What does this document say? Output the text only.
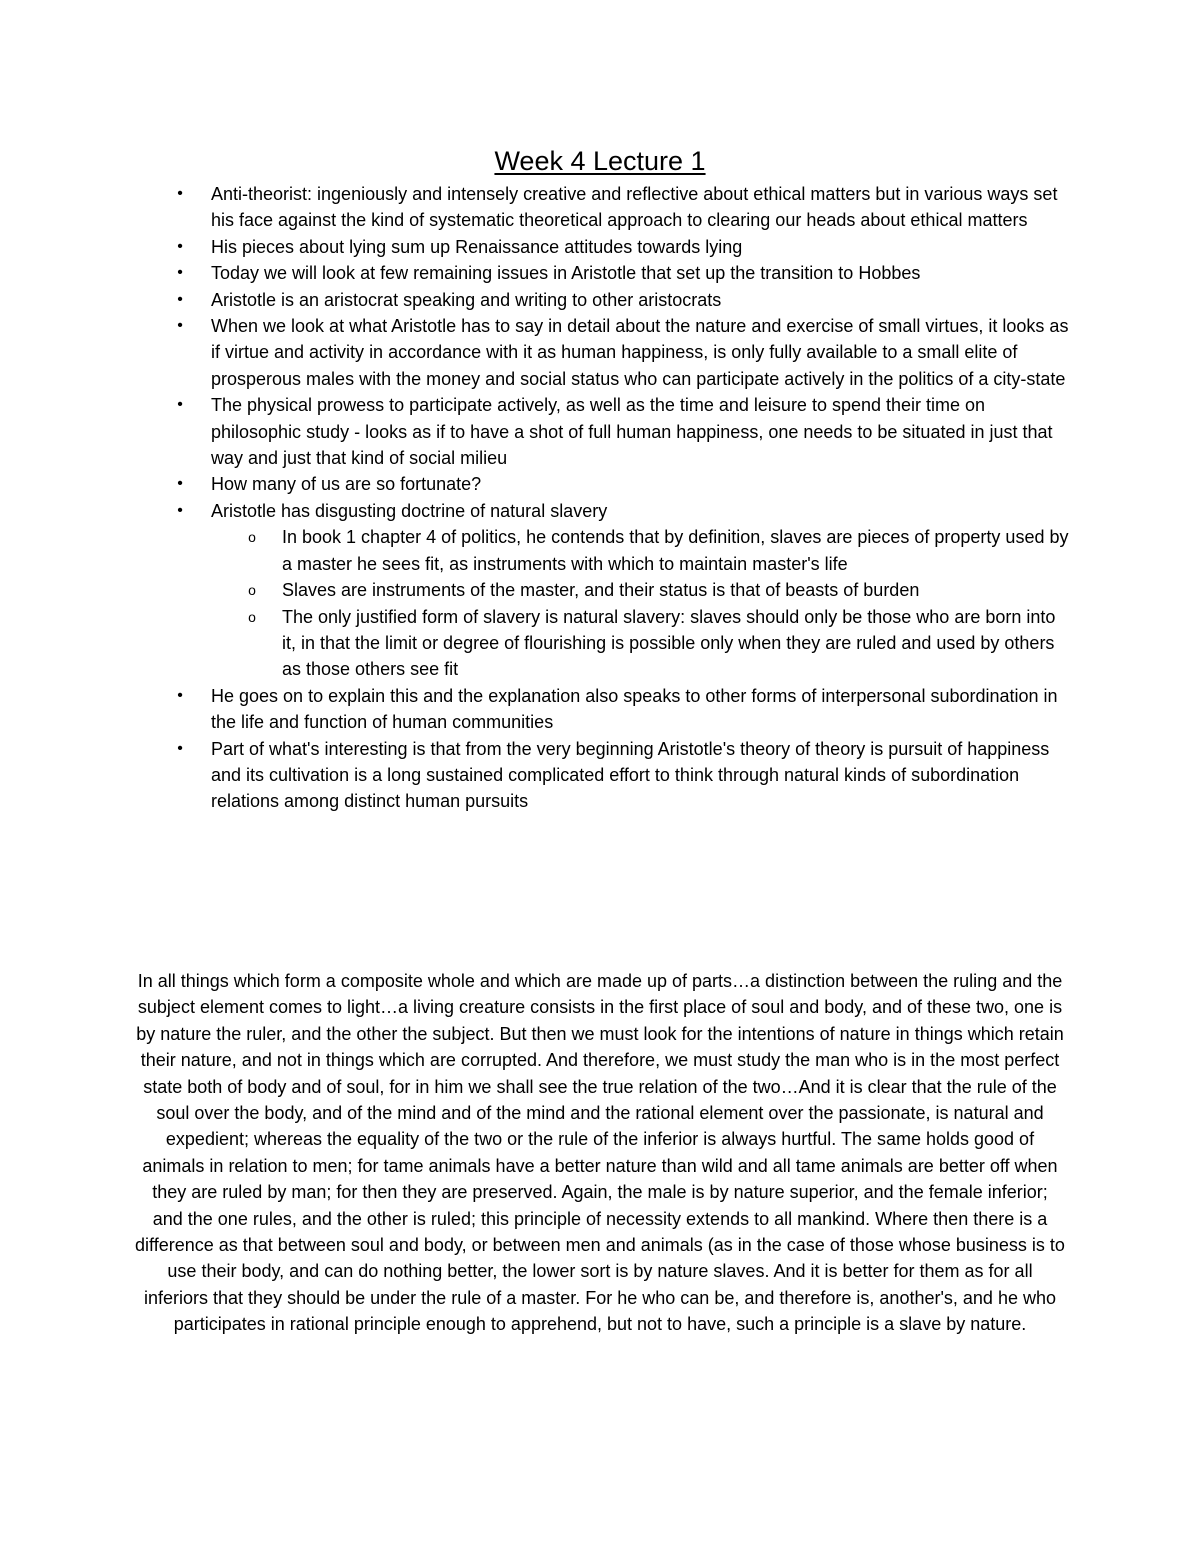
Week 4 Lecture 1
• Anti-theorist: ingeniously and intensely creative and reflective about ethical matters but in various ways set his face against the kind of systematic theoretical approach to clearing our heads about ethical matters
• His pieces about lying sum up Renaissance attitudes towards lying
• Today we will look at few remaining issues in Aristotle that set up the transition to Hobbes
• Aristotle is an aristocrat speaking and writing to other aristocrats
• When we look at what Aristotle has to say in detail about the nature and exercise of small virtues, it looks as if virtue and activity in accordance with it as human happiness, is only fully available to a small elite of prosperous males with the money and social status who can participate actively in the politics of a city-state
• The physical prowess to participate actively, as well as the time and leisure to spend their time on philosophic study - looks as if to have a shot of full human happiness, one needs to be situated in just that way and just that kind of social milieu
• How many of us are so fortunate?
• Aristotle has disgusting doctrine of natural slavery
o In book 1 chapter 4 of politics, he contends that by definition, slaves are pieces of property used by a master he sees fit, as instruments with which to maintain master's life
o Slaves are instruments of the master, and their status is that of beasts of burden
o The only justified form of slavery is natural slavery: slaves should only be those who are born into it, in that the limit or degree of flourishing is possible only when they are ruled and used by others as those others see fit
• He goes on to explain this and the explanation also speaks to other forms of interpersonal subordination in the life and function of human communities
• Part of what's interesting is that from the very beginning Aristotle's theory of theory is pursuit of happiness and its cultivation is a long sustained complicated effort to think through natural kinds of subordination relations among distinct human pursuits

In all things which form a composite whole and which are made up of parts…a distinction between the ruling and the subject element comes to light…a living creature consists in the first place of soul and body, and of these two, one is by nature the ruler, and the other the subject. But then we must look for the intentions of nature in things which retain their nature, and not in things which are corrupted. And therefore, we must study the man who is in the most perfect state both of body and of soul, for in him we shall see the true relation of the two…And it is clear that the rule of the soul over the body, and of the mind and of the mind and the rational element over the passionate, is natural and expedient; whereas the equality of the two or the rule of the inferior is always hurtful. The same holds good of animals in relation to men; for tame animals have a better nature than wild and all tame animals are better off when they are ruled by man; for then they are preserved. Again, the male is by nature superior, and the female inferior; and the one rules, and the other is ruled; this principle of necessity extends to all mankind. Where then there is a difference as that between soul and body, or between men and animals (as in the case of those whose business is to use their body, and can do nothing better, the lower sort is by nature slaves. And it is better for them as for all inferiors that they should be under the rule of a master. For he who can be, and therefore is, another's, and he who participates in rational principle enough to apprehend, but not to have, such a principle is a slave by nature.
